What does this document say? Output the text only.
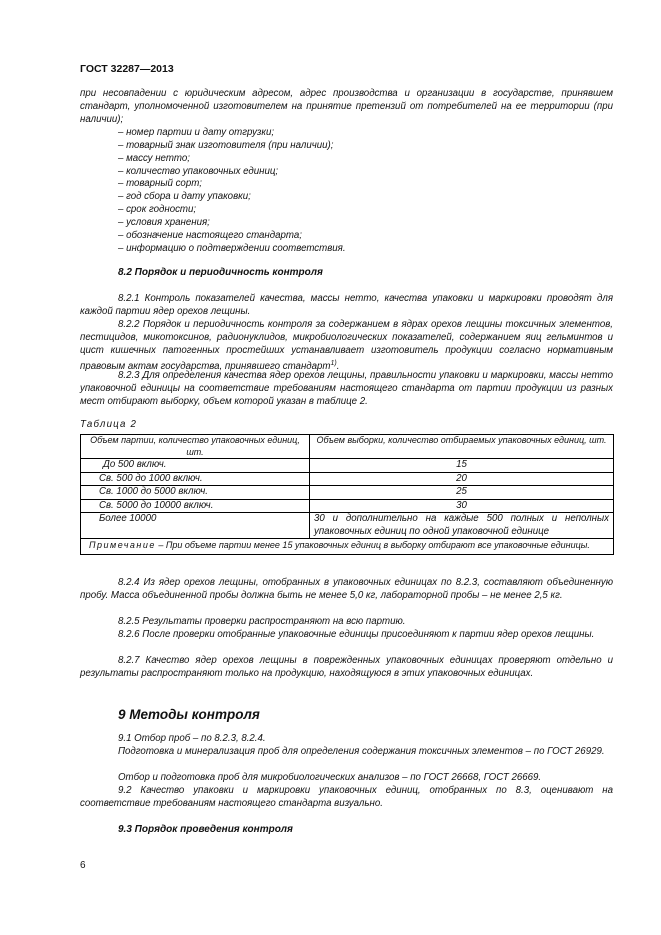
ГОСТ 32287—2013
при несовпадении с юридическим адресом, адрес производства и организации в государстве, принявшем стандарт, уполномоченной изготовителем на принятие претензий от потребителей на ее территории (при наличии);
– номер партии и дату отгрузки;
– товарный знак изготовителя (при наличии);
– массу нетто;
– количество упаковочных единиц;
– товарный сорт;
– год сбора и дату упаковки;
– срок годности;
– условия хранения;
– обозначение настоящего стандарта;
– информацию о подтверждении соответствия.
8.2 Порядок и периодичность контроля
8.2.1 Контроль показателей качества, массы нетто, качества упаковки и маркировки проводят для каждой партии ядер орехов лещины.
8.2.2 Порядок и периодичность контроля за содержанием в ядрах орехов лещины токсичных элементов, пестицидов, микотоксинов, радионуклидов, микробиологических показателей, содержанием яиц гельминтов и цист кишечных патогенных простейших устанавливает изготовитель продукции согласно нормативным правовым актам государства, принявшего стандарт$^{1)}$.
8.2.3 Для определения качества ядер орехов лещины, правильности упаковки и маркировки, массы нетто упаковочной единицы на соответствие требованиям настоящего стандарта от партии продукции из разных мест отбирают выборку, объем которой указан в таблице 2.
Таблица 2
Объем партии, количество упаковочных единиц, шт.	Объем выборки, количество отбираемых упаковочных единиц, шт.
До 500 включ.	15
Св. 500 до 1000 включ.	20
Св. 1000 до 5000 включ.	25
Св. 5000 до 10000 включ.	30
Более 10000	30 и дополнительно на каждые 500 полных и неполных упаковочных единиц по одной упаковочной единице
Примечание – При объеме партии менее 15 упаковочных единиц в выборку отбирают все упаковочные единицы.	
8.2.4 Из ядер орехов лещины, отобранных в упаковочных единицах по 8.2.3, составляют объединенную пробу. Масса объединенной пробы должна быть не менее 5,0 кг, лабораторной пробы – не менее 2,5 кг.
8.2.5 Результаты проверки распространяют на всю партию.
8.2.6 После проверки отобранные упаковочные единицы присоединяют к партии ядер орехов лещины.
8.2.7 Качество ядер орехов лещины в поврежденных упаковочных единицах проверяют отдельно и результаты распространяют только на продукцию, находящуюся в этих упаковочных единицах.
9 Методы контроля
9.1 Отбор проб – по 8.2.3, 8.2.4.
Подготовка и минерализация проб для определения содержания токсичных элементов – по ГОСТ 26929.
Отбор и подготовка проб для микробиологических анализов – по ГОСТ 26668, ГОСТ 26669.
9.2 Качество упаковки и маркировки упаковочных единиц, отобранных по 8.3, оценивают на соответствие требованиям настоящего стандарта визуально.
9.3 Порядок проведения контроля
6
